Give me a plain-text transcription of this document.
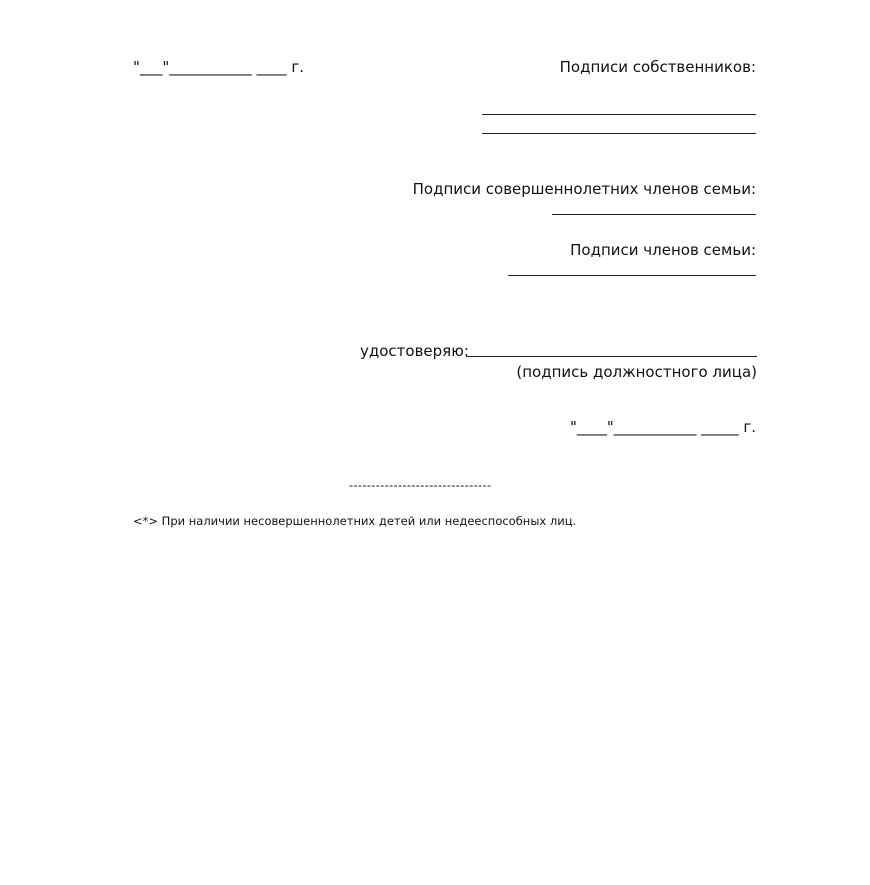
"___"___________ ____ г.	Подписи собственников:
Подписи совершеннолетних членов семьи:
Подписи членов семьи:
удостоверяю:
(подпись должностного лица)
"____"___________ _____ г.
--------------------------------
<*> При наличии несовершеннолетних детей или недееспособных лиц.
